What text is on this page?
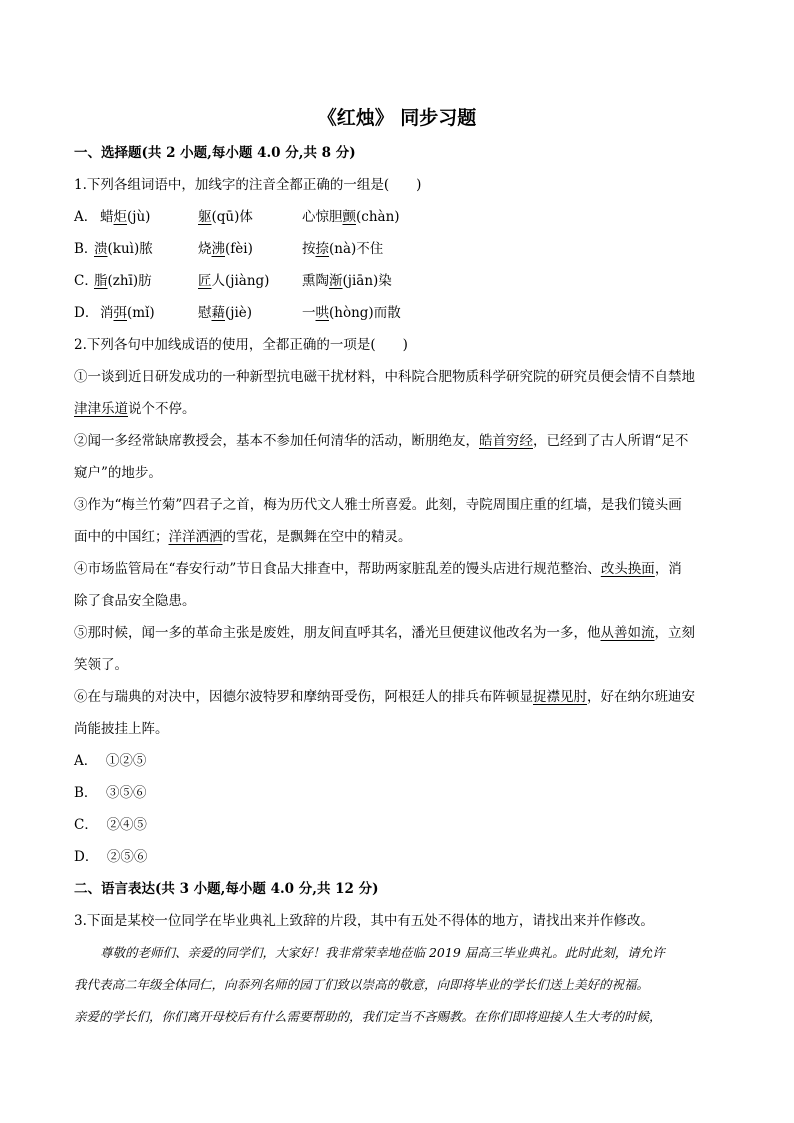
《红烛》 同步习题
一、选择题(共 2 小题,每小题 4.0 分,共 8 分)
1.下列各组词语中，加线字的注音全都正确的一组是(　　)
A． 蜡炬(jù)	躯(qū)体	心惊胆颤(chàn)
B．
溃(kuì)脓	烧沸(fèi)	按捺(nà)不住
C．
脂(zhī)肪	匠人(jiàng) 熏陶渐(jiān)染
D． 消弭(mǐ)	慰藉(jiè)	一哄(hòng)而散
2.下列各句中加线成语的使用，全都正确的一项是(　　)
①一谈到近日研发成功的一种新型抗电磁干扰材料，中科院合肥物质科学研究院的研究员便会情不自禁地
津津乐道说个不停。
②闻一多经常缺席教授会，基本不参加任何清华的活动，断朋绝友，皓首穷经，已经到了古人所谓“足不
窥户”的地步。
③作为“梅兰竹菊”四君子之首，梅为历代文人雅士所喜爱。此刻，寺院周围庄重的红墙，是我们镜头画
面中的中国红；洋洋洒洒的雪花，是飘舞在空中的精灵。
④市场监管局在“春安行动”节日食品大排查中，帮助两家脏乱差的馒头店进行规范整治、改头换面，消
除了食品安全隐患。
⑤那时候，闻一多的革命主张是废姓，朋友间直呼其名，潘光旦便建议他改名为一多，他从善如流，立刻
笑领了。
⑥在与瑞典的对决中，因德尔波特罗和摩纳哥受伤，阿根廷人的排兵布阵顿显捉襟见肘，好在纳尔班迪安
尚能披挂上阵。
A． ①②⑤
B． ③⑤⑥
C． ②④⑤
D． ②⑤⑥
二、语言表达(共 3 小题,每小题 4.0 分,共 12 分)
3.下面是某校一位同学在毕业典礼上致辞的片段，其中有五处不得体的地方，请找出来并作修改。
尊敬的老师们、亲爱的同学们，大家好！我非常荣幸地莅临 2019 届高三毕业典礼。此时此刻，请允许
我代表高二年级全体同仁，向忝列名师的园丁们致以崇高的敬意，向即将毕业的学长们送上美好的祝福。
亲爱的学长们，你们离开母校后有什么需要帮助的，我们定当不吝赐教。在你们即将迎接人生大考的时候，
